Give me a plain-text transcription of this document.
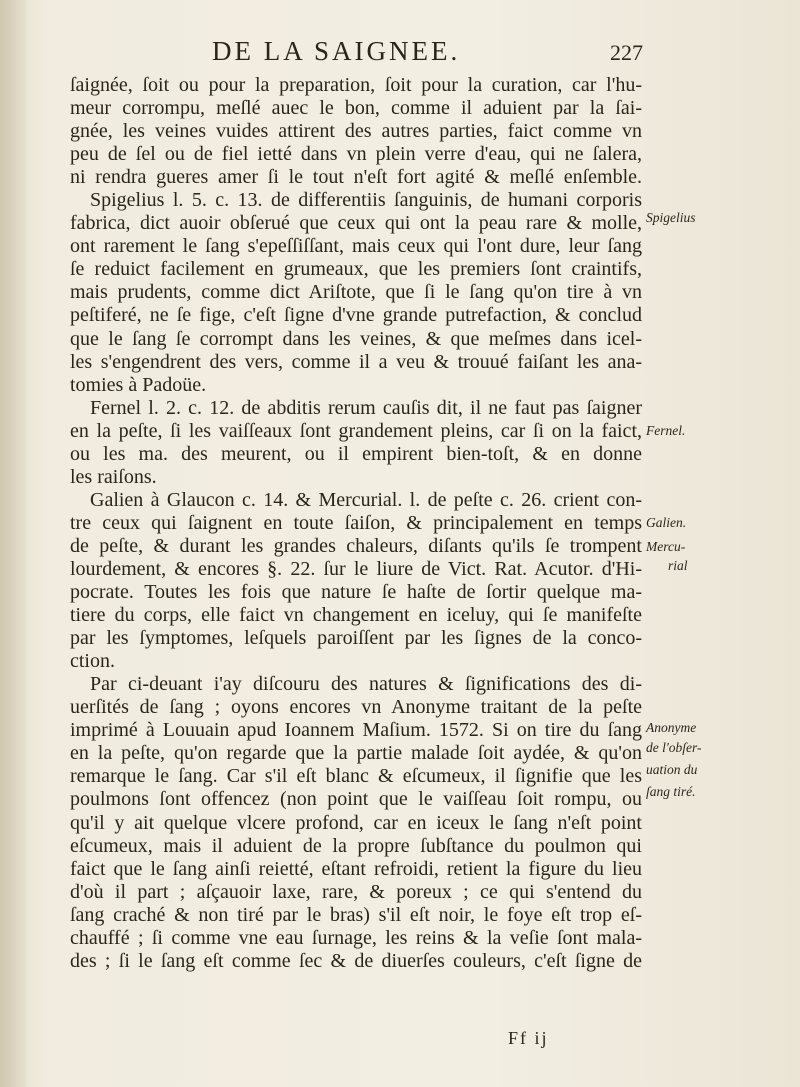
DE LA SAIGNEE.	227
ſaignée, ſoit ou pour la preparation, ſoit pour la curation, car l'hu-
meur corrompu, meſlé auec le bon, comme il aduient par la ſai-
gnée, les veines vuides attirent des autres parties, faict comme vn
peu de ſel ou de fiel ietté dans vn plein verre d'eau, qui ne ſalera,
ni rendra gueres amer ſi le tout n'eſt fort agité & meſlé enſemble.
Spigelius l. 5. c. 13. de differentiis ſanguinis, de humani corporis
fabrica, dict auoir obſerué que ceux qui ont la peau rare & molle,
ont rarement le ſang s'epeſſiſſant, mais ceux qui l'ont dure, leur ſang
ſe reduict facilement en grumeaux, que les premiers ſont craintifs,
mais prudents, comme dict Ariſtote, que ſi le ſang qu'on tire à vn
peſtiferé, ne ſe fige, c'eſt ſigne d'vne grande putrefaction, & conclud
que le ſang ſe corrompt dans les veines, & que meſmes dans icel-
les s'engendrent des vers, comme il a veu & trouué faiſant les ana-
tomies à Padoüe.
Fernel l. 2. c. 12. de abditis rerum cauſis dit, il ne faut pas ſaigner
en la peſte, ſi les vaiſſeaux ſont grandement pleins, car ſi on la faict,
ou les ma. des meurent, ou il empirent bien-toſt, & en donne
les raiſons.
Galien à Glaucon c. 14. & Mercurial. l. de peſte c. 26. crient con-
tre ceux qui ſaignent en toute ſaiſon, & principalement en temps
de peſte, & durant les grandes chaleurs, diſants qu'ils ſe trompent
lourdement, & encores §. 22. ſur le liure de Vict. Rat. Acutor. d'Hi-
pocrate. Toutes les fois que nature ſe haſte de ſortir quelque ma-
tiere du corps, elle faict vn changement en iceluy, qui ſe manifeſte
par les ſymptomes, leſquels paroiſſent par les ſignes de la conco-
ction.
Par ci-deuant i'ay diſcouru des natures & ſignifications des di-
uerſités de ſang ; oyons encores vn Anonyme traitant de la peſte
imprimé à Louuain apud Ioannem Maſium. 1572. Si on tire du ſang
en la peſte, qu'on regarde que la partie malade ſoit aydée, & qu'on
remarque le ſang. Car s'il eſt blanc & eſcumeux, il ſignifie que les
poulmons ſont offencez (non point que le vaiſſeau ſoit rompu, ou
qu'il y ait quelque vlcere profond, car en iceux le ſang n'eſt point
eſcumeux, mais il aduient de la propre ſubſtance du poulmon qui
faict que le ſang ainſi reietté, eſtant refroidi, retient la figure du lieu
d'où il part ; aſçauoir laxe, rare, & poreux ; ce qui s'entend du
ſang craché & non tiré par le bras) s'il eſt noir, le foye eſt trop eſ-
chauffé ; ſi comme vne eau ſurnage, les reins & la veſie ſont mala-
des ; ſi le ſang eſt comme ſec & de diuerſes couleurs, c'eſt ſigne de
Spigelius
Fernel.
Galien.
Mercu-
rial
Anonyme
de l'obſer-
uation du
ſang tiré.
Ff ij
